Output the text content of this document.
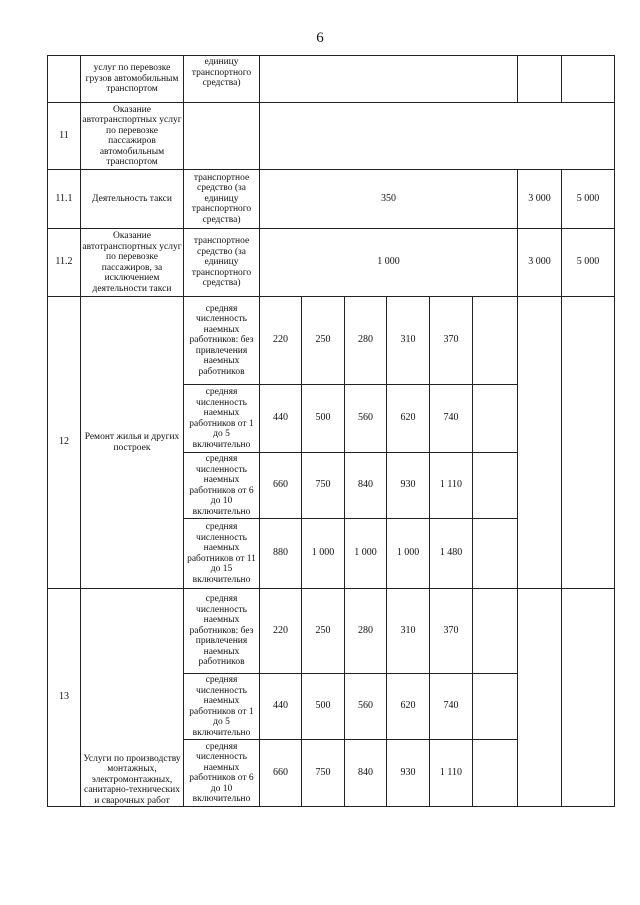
6
	услуг по перевозке грузов автомобильным транспортом	единицу транспортного средства)								
11	Оказание автотранспортных услуг по перевозке пассажиров автомобильным транспортом									
11.1	Деятельность такси	транспортное средство (за единицу транспортного средства)	350						3 000	5 000
11.2	Оказание автотранспортных услуг по перевозке пассажиров, за исключением деятельности такси	транспортное средство (за единицу транспортного средства)	1 000						3 000	5 000
12	Ремонт жилья и других построек	средняя численность наемных работников: без привлечения наемных работников	220	250	280	310	370			
		средняя численность наемных работников от 1 до 5 включительно	440	500	560	620	740			
		средняя численность наемных работников от 6 до 10 включительно	660	750	840	930	1 110			
		средняя численность наемных работников от 11 до 15 включительно	880	1 000	1 000	1 000	1 480			
13	Услуги по производству монтажных, электромонтажных, санитарно-технических и сварочных работ	средняя численность наемных работников: без привлечения наемных работников	220	250	280	310	370			
		средняя численность наемных работников от 1 до 5 включительно	440	500	560	620	740			
		средняя численность наемных работников от 6 до 10 включительно	660	750	840	930	1 110			
